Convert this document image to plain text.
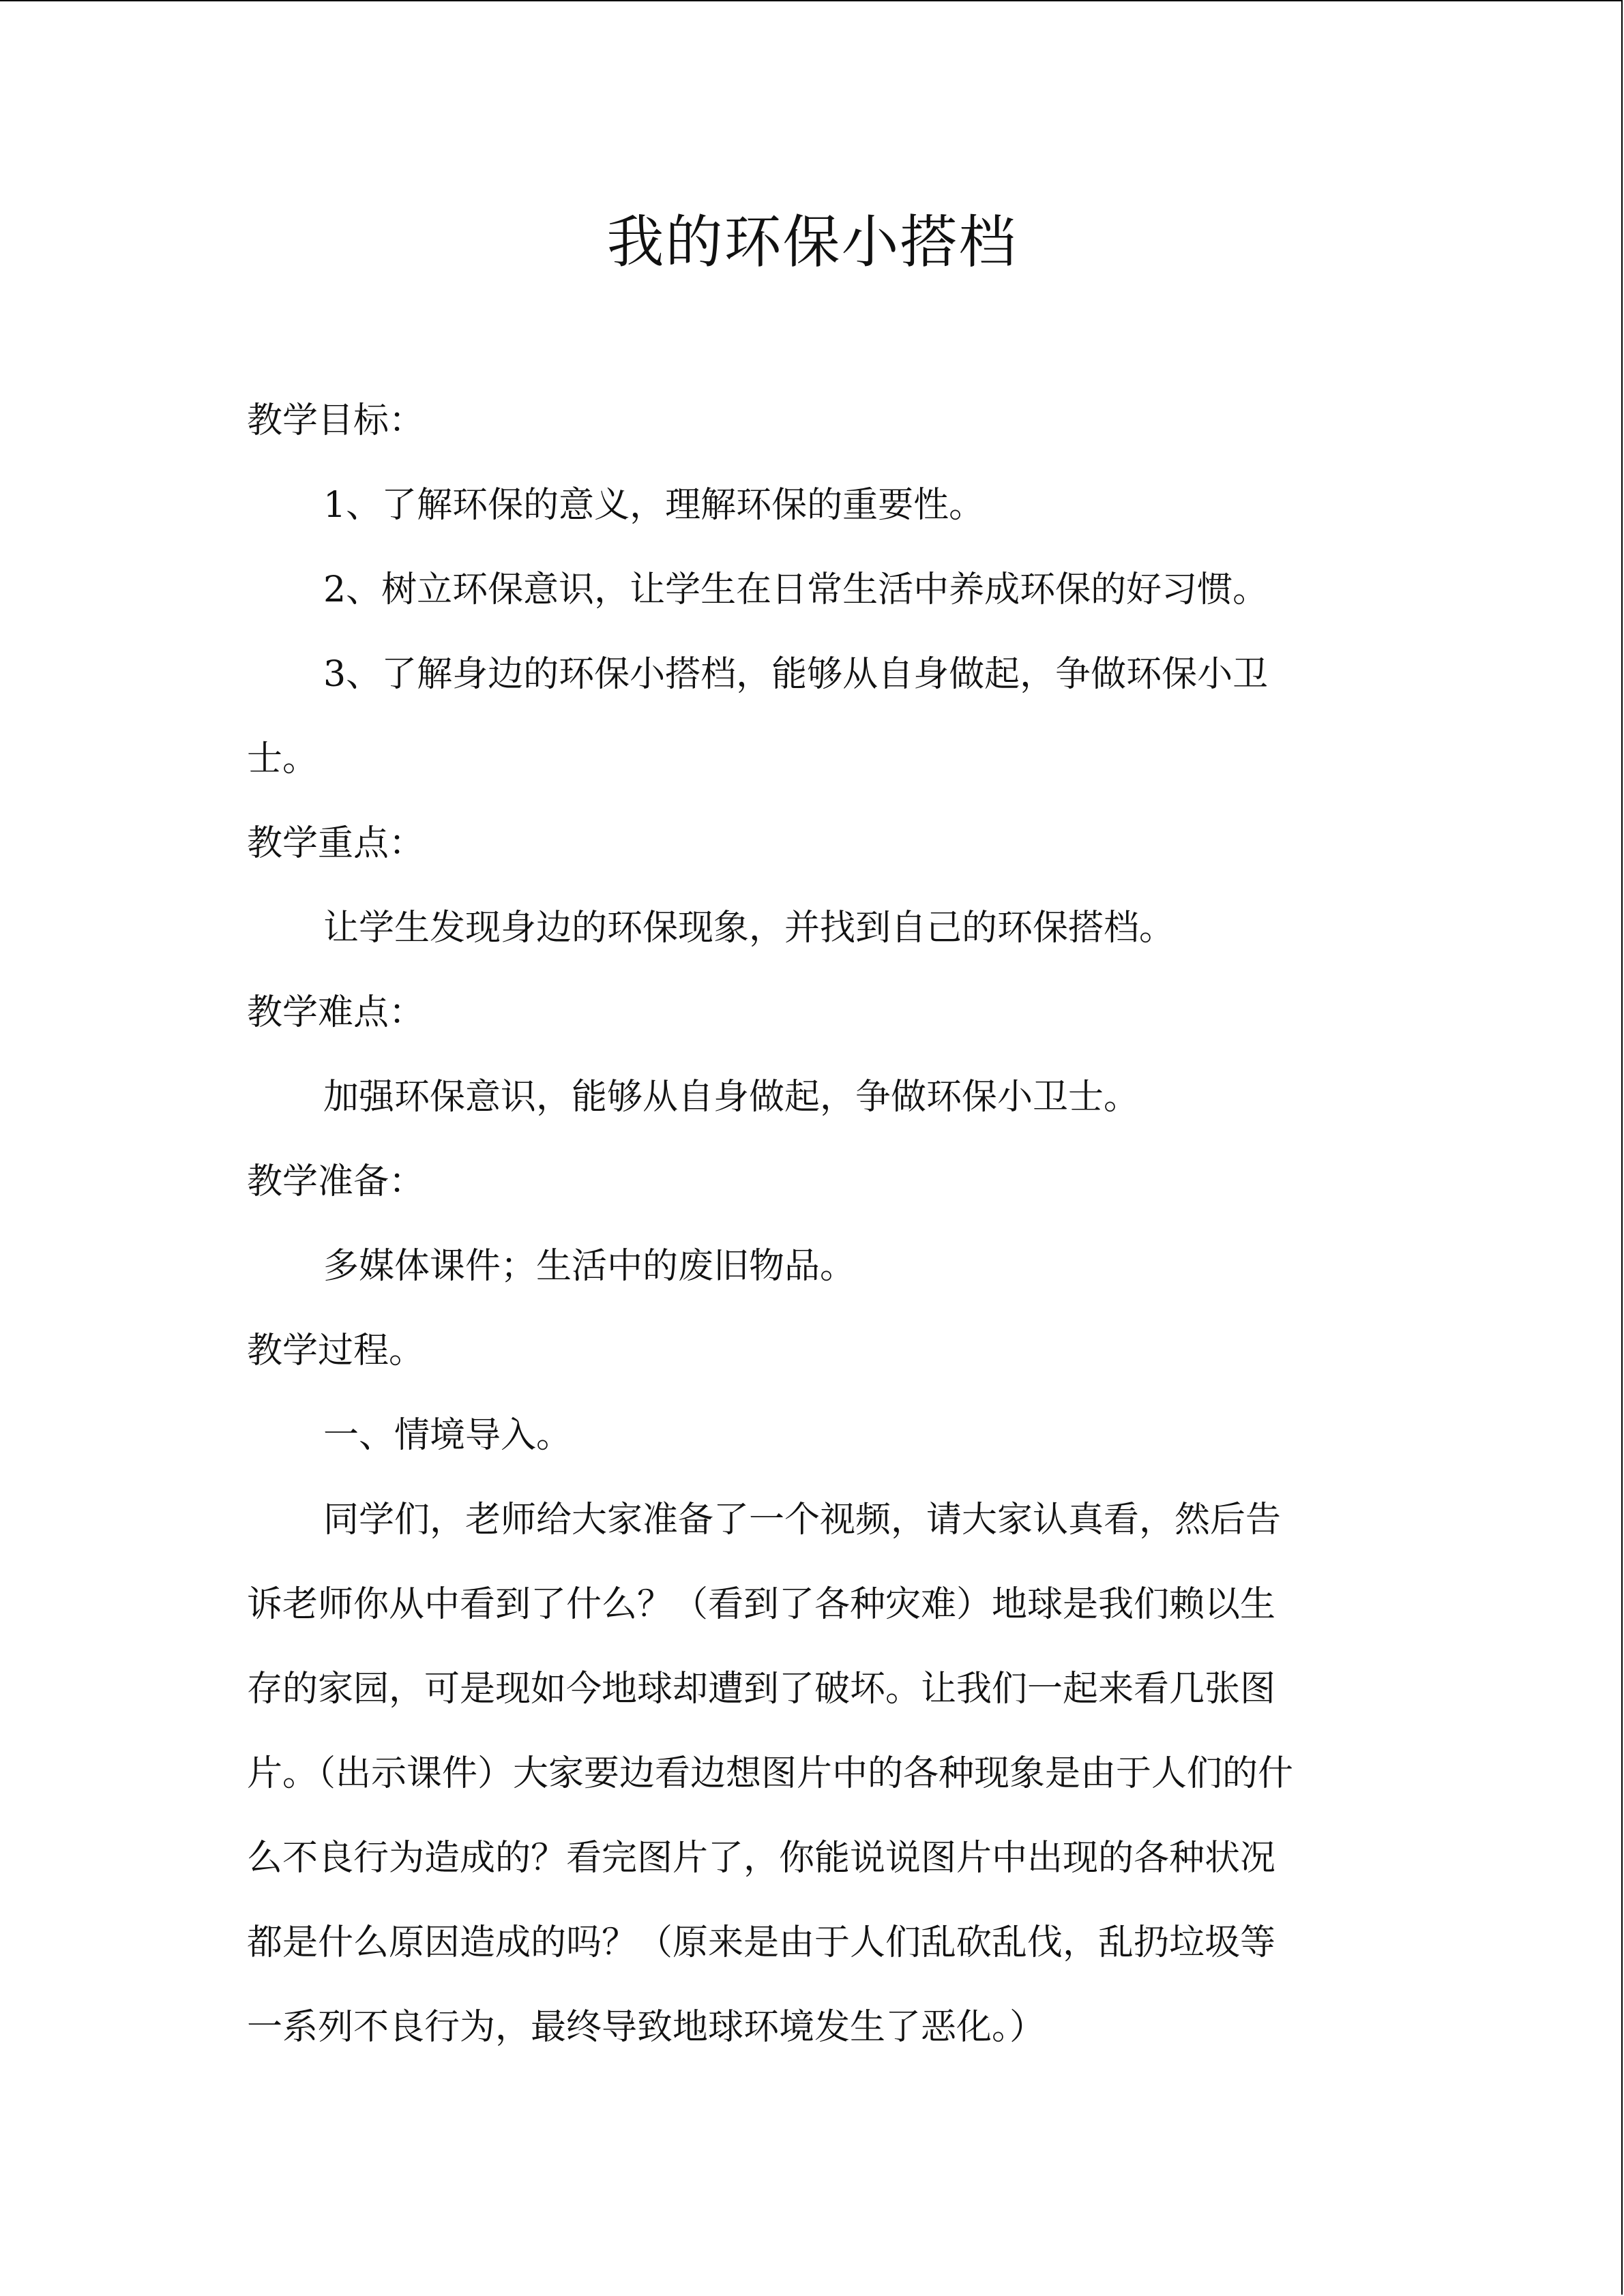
我的环保小搭档

教学目标：

1、了解环保的意义，理解环保的重要性。

2、树立环保意识，让学生在日常生活中养成环保的好习惯。

3、了解身边的环保小搭档，能够从自身做起，争做环保小卫

士。

教学重点：

让学生发现身边的环保现象，并找到自己的环保搭档。

教学难点：

加强环保意识，能够从自身做起，争做环保小卫士。

教学准备：

多媒体课件；生活中的废旧物品。

教学过程。

一、情境导入。

同学们，老师给大家准备了一个视频，请大家认真看，然后告

诉老师你从中看到了什么？（看到了各种灾难）地球是我们赖以生

存的家园，可是现如今地球却遭到了破坏。让我们一起来看几张图

片。（出示课件）大家要边看边想图片中的各种现象是由于人们的什

么不良行为造成的？看完图片了，你能说说图片中出现的各种状况

都是什么原因造成的吗？（原来是由于人们乱砍乱伐，乱扔垃圾等

一系列不良行为，最终导致地球环境发生了恶化。）
